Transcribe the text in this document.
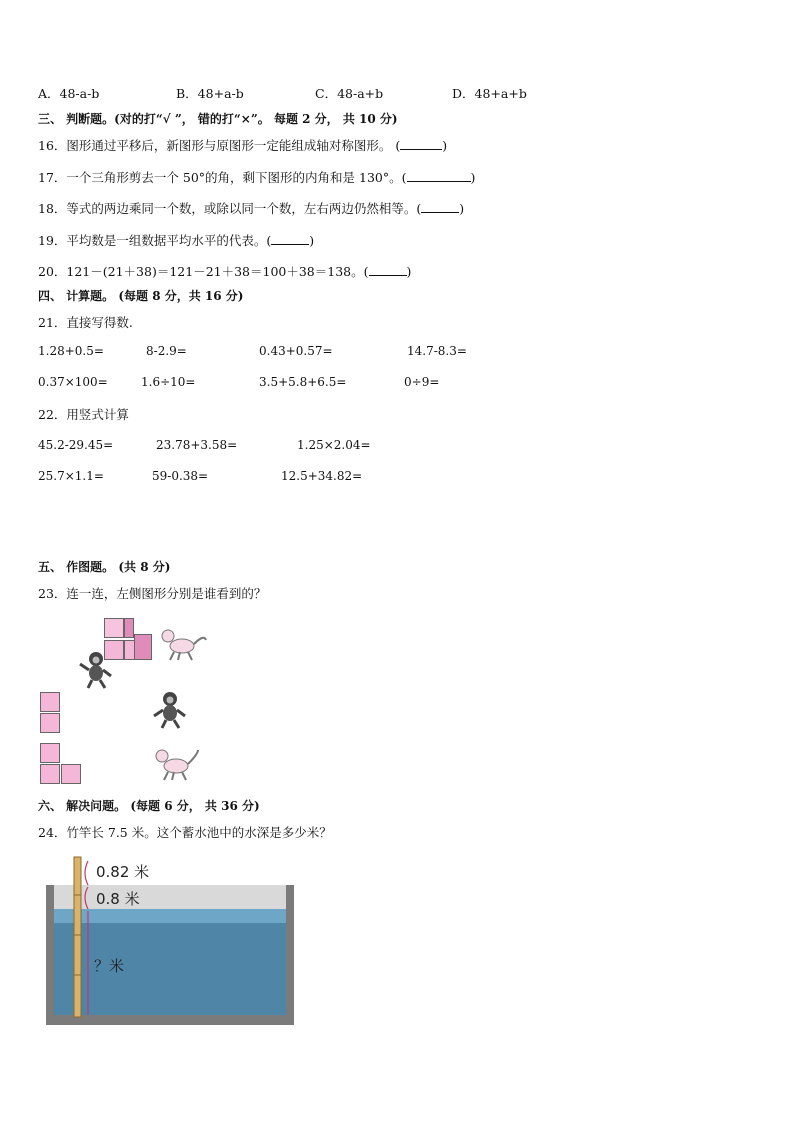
A．48-a-b	B．48+a-b	C．48-a+b	D．48+a+b
三、 判断题。(对的打“√ ”， 错的打“×”。 每题 2 分， 共 10 分)
16．图形通过平移后，新图形与原图形一定能组成轴对称图形。 (	)
17．一个三角形剪去一个 50°的角，剩下图形的内角和是 130°。(	)
18．等式的两边乘同一个数，或除以同一个数，左右两边仍然相等。(	)
19．平均数是一组数据平均水平的代表。(	)
20．121－(21＋38)＝121－21＋38＝100＋38＝138。(	)
四、 计算题。 (每题 8 分，共 16 分)
21．直接写得数.
1.28+0.5=	8-2.9=	0.43+0.57=	14.7-8.3=
0.37×100=	1.6÷10=	3.5+5.8+6.5=	0÷9=
22．用竖式计算
45.2-29.45=	23.78+3.58=	1.25×2.04=
25.7×1.1=	59-0.38=	12.5+34.82=
五、 作图题。 (共 8 分)
23．连一连，左侧图形分别是谁看到的？
六、 解决问题。 (每题 6 分， 共 36 分)
24．竹竿长 7.5 米。这个蓄水池中的水深是多少米？
0.82 米
0.8 米
？米
